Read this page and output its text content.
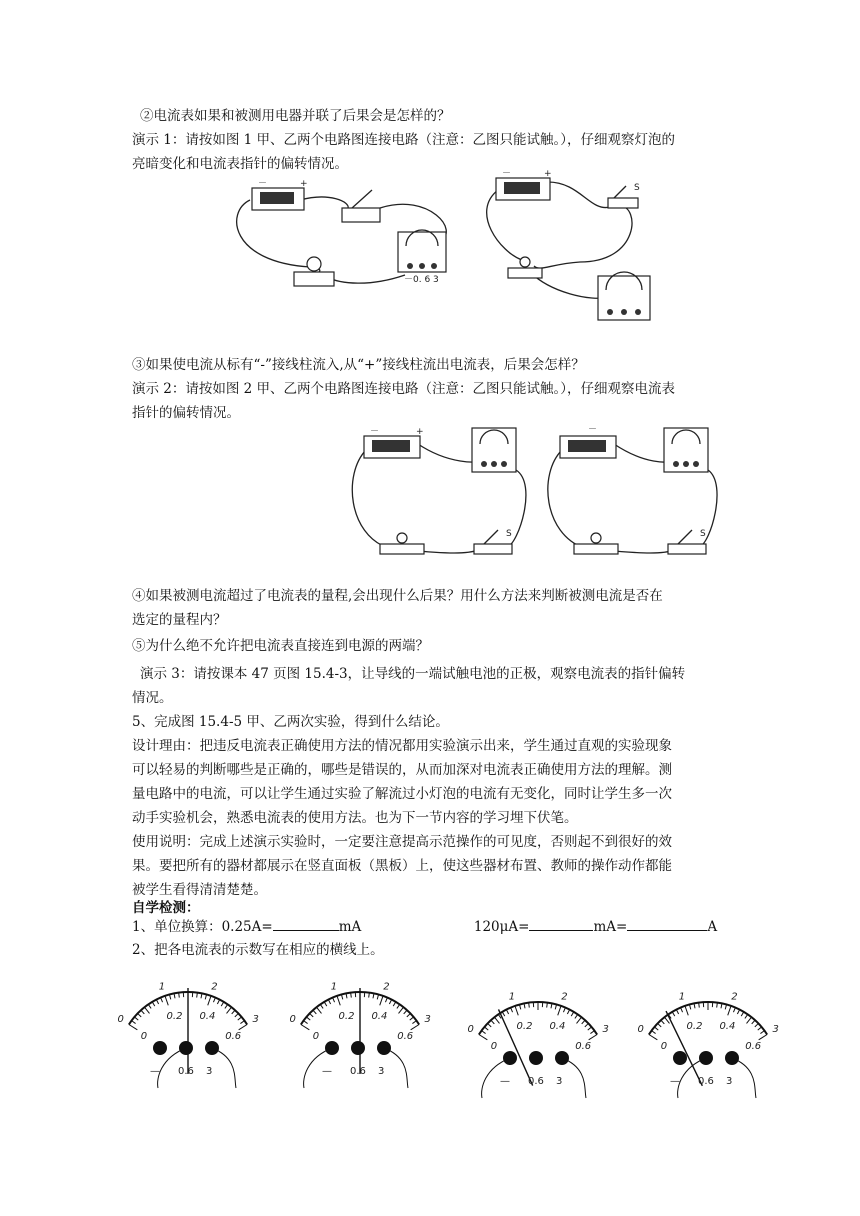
②电流表如果和被测用电器并联了后果会是怎样的？
演示 1：请按如图 1 甲、乙两个电路图连接电路（注意：乙图只能试触。），仔细观察灯泡的
亮暗变化和电流表指针的偏转情况。
－	+
－0. 6 3
－	+
S
③如果使电流从标有“-”接线柱流入,从“+”接线柱流出电流表，后果会怎样？
演示 2：请按如图 2 甲、乙两个电路图连接电路（注意：乙图只能试触。），仔细观察电流表
指针的偏转情况。
－	+
S
－
S
④如果被测电流超过了电流表的量程,会出现什么后果？用什么方法来判断被测电流是否在
选定的量程内？
⑤为什么绝不允许把电流表直接连到电源的两端？
演示 3：请按课本 47 页图 15.4-3，让导线的一端试触电池的正极，观察电流表的指针偏转
情况。
5、完成图 15.4-5 甲、乙两次实验，得到什么结论。
设计理由：把违反电流表正确使用方法的情况都用实验演示出来，学生通过直观的实验现象
可以轻易的判断哪些是正确的，哪些是错误的，从而加深对电流表正确使用方法的理解。测
量电路中的电流，可以让学生通过实验了解流过小灯泡的电流有无变化，同时让学生多一次
动手实验机会，熟悉电流表的使用方法。也为下一节内容的学习埋下伏笔。
使用说明：完成上述演示实验时，一定要注意提高示范操作的可见度，否则起不到很好的效
果。要把所有的器材都展示在竖直面板（黑板）上，使这些器材布置、教师的操作动作都能
被学生看得清清楚楚。
自学检测：
1、单位换算：0.25A=	mA	120μA=	mA=	A
2、把各电流表的示数写在相应的横线上。
0
1	2
3
0
0.2 0.4
0.6
— 0.6 3
0
1	2
3
0
0.2 0.4
0.6
— 0.6 3
0
1	2
3
0
0.2 0.4
0.6
— 0.6 3
0
1	2
3
0
0.2 0.4
0.6
— 0.6 3
